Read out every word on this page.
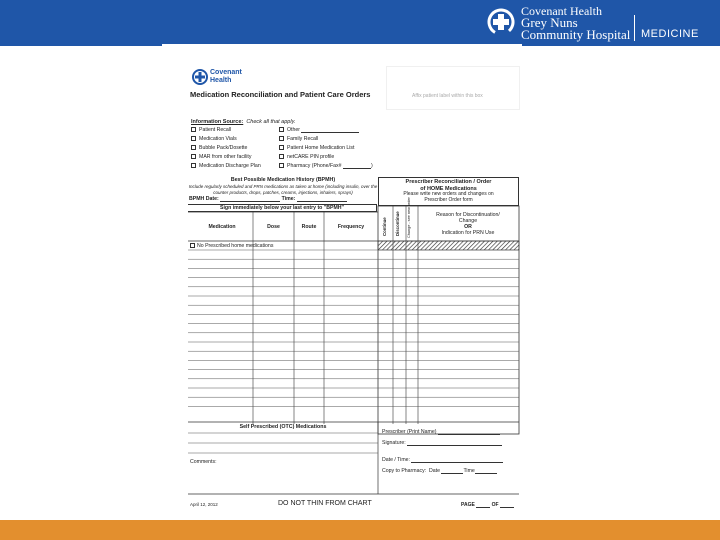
Covenant Health
Grey Nuns
Community Hospital MEDICINE
Covenant
Health
Medication Reconciliation and Patient Care Orders	Affix patient label within this box
Information Source: Check all that apply.
Patient Recall
Medication Vials
Bubble Pack/Dosette
MAR from other facility
Medication Discharge Plan
Other
Family Recall
Patient Home Medication List
netCARE PIN profile
Pharmacy (Phone/Fax#	)
Best Possible Medication History (BPMH)
Include regularly scheduled and PRN medications as taken at home (including insulin, over the counter products, drops, patches, creams, injections, inhalers, sprays)
BPMH Date:	Time:
Sign immediately below your last entry to "BPMH"
Prescriber Reconciliation / Order
of HOME Medications
Please write new orders and changes on
Prescriber Order form
Medication	Dose	Route	Frequency	Continue Discontinue Change - see new order	Reason for Discontinuation/
Change
OR
Indication for PRN Use
No Prescribed home medications
Self Prescribed (OTC) Medications
Comments:
Prescriber (Print Name)
Signature:
Date / Time:
Copy to Pharmacy: Date	Time
April 12, 2012	DO NOT THIN FROM CHART	PAGE	OF
